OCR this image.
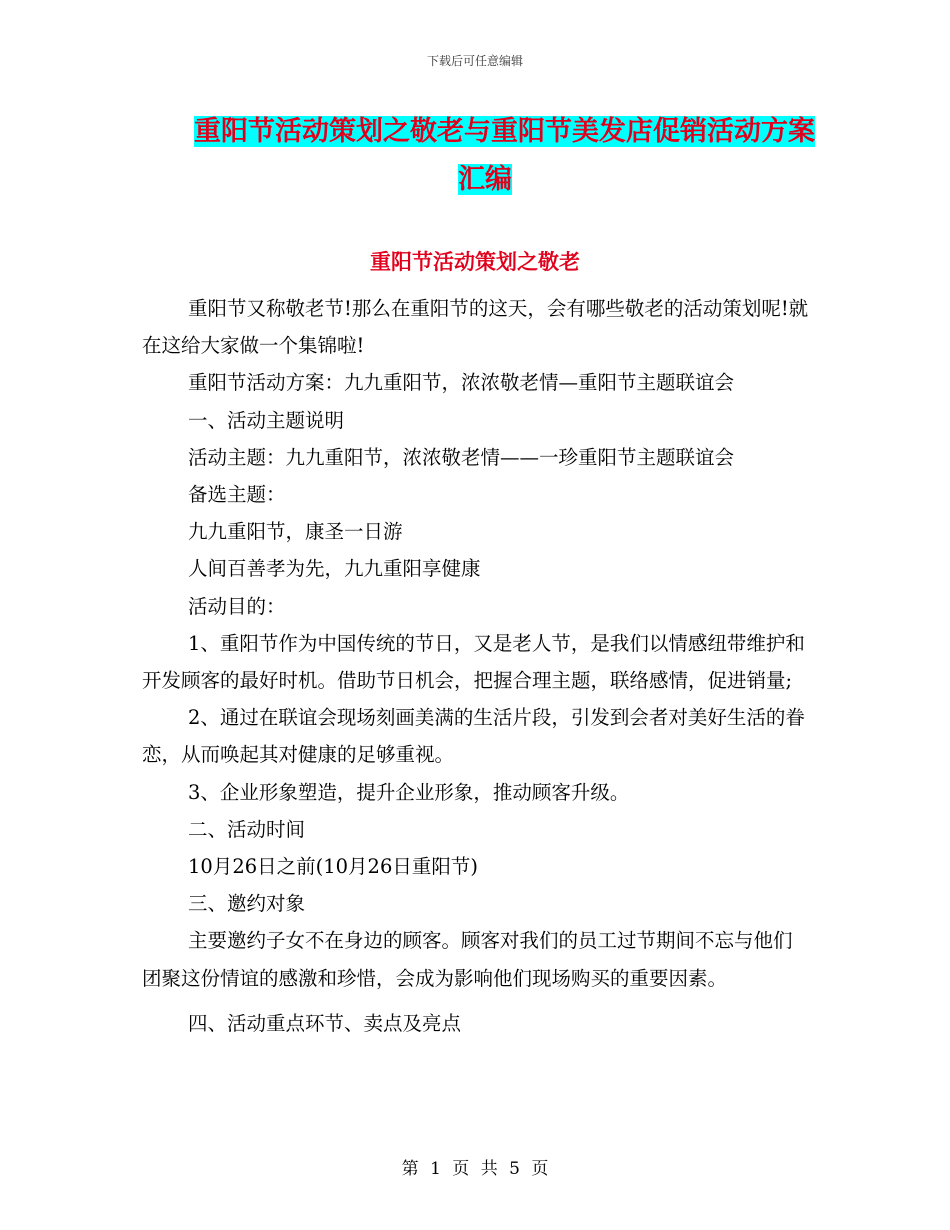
下载后可任意编辑
重阳节活动策划之敬老与重阳节美发店促销活动方案
汇编
重阳节活动策划之敬老

重阳节又称敬老节!那么在重阳节的这天，会有哪些敬老的活动策划呢!就在这给大家做一个集锦啦!

重阳节活动方案：九九重阳节，浓浓敬老情—重阳节主题联谊会

一、活动主题说明

活动主题：九九重阳节，浓浓敬老情——一珍重阳节主题联谊会

备选主题：

九九重阳节，康圣一日游

人间百善孝为先，九九重阳享健康

活动目的：

1、重阳节作为中国传统的节日，又是老人节，是我们以情感纽带维护和开发顾客的最好时机。借助节日机会，把握合理主题，联络感情，促进销量;

2、通过在联谊会现场刻画美满的生活片段，引发到会者对美好生活的眷恋，从而唤起其对健康的足够重视。

3、企业形象塑造，提升企业形象，推动顾客升级。

二、活动时间

10月26日之前(10月26日重阳节)

三、邀约对象

主要邀约子女不在身边的顾客。顾客对我们的员工过节期间不忘与他们团聚这份情谊的感激和珍惜，会成为影响他们现场购买的重要因素。

四、活动重点环节、卖点及亮点

第 1 页 共 5 页
